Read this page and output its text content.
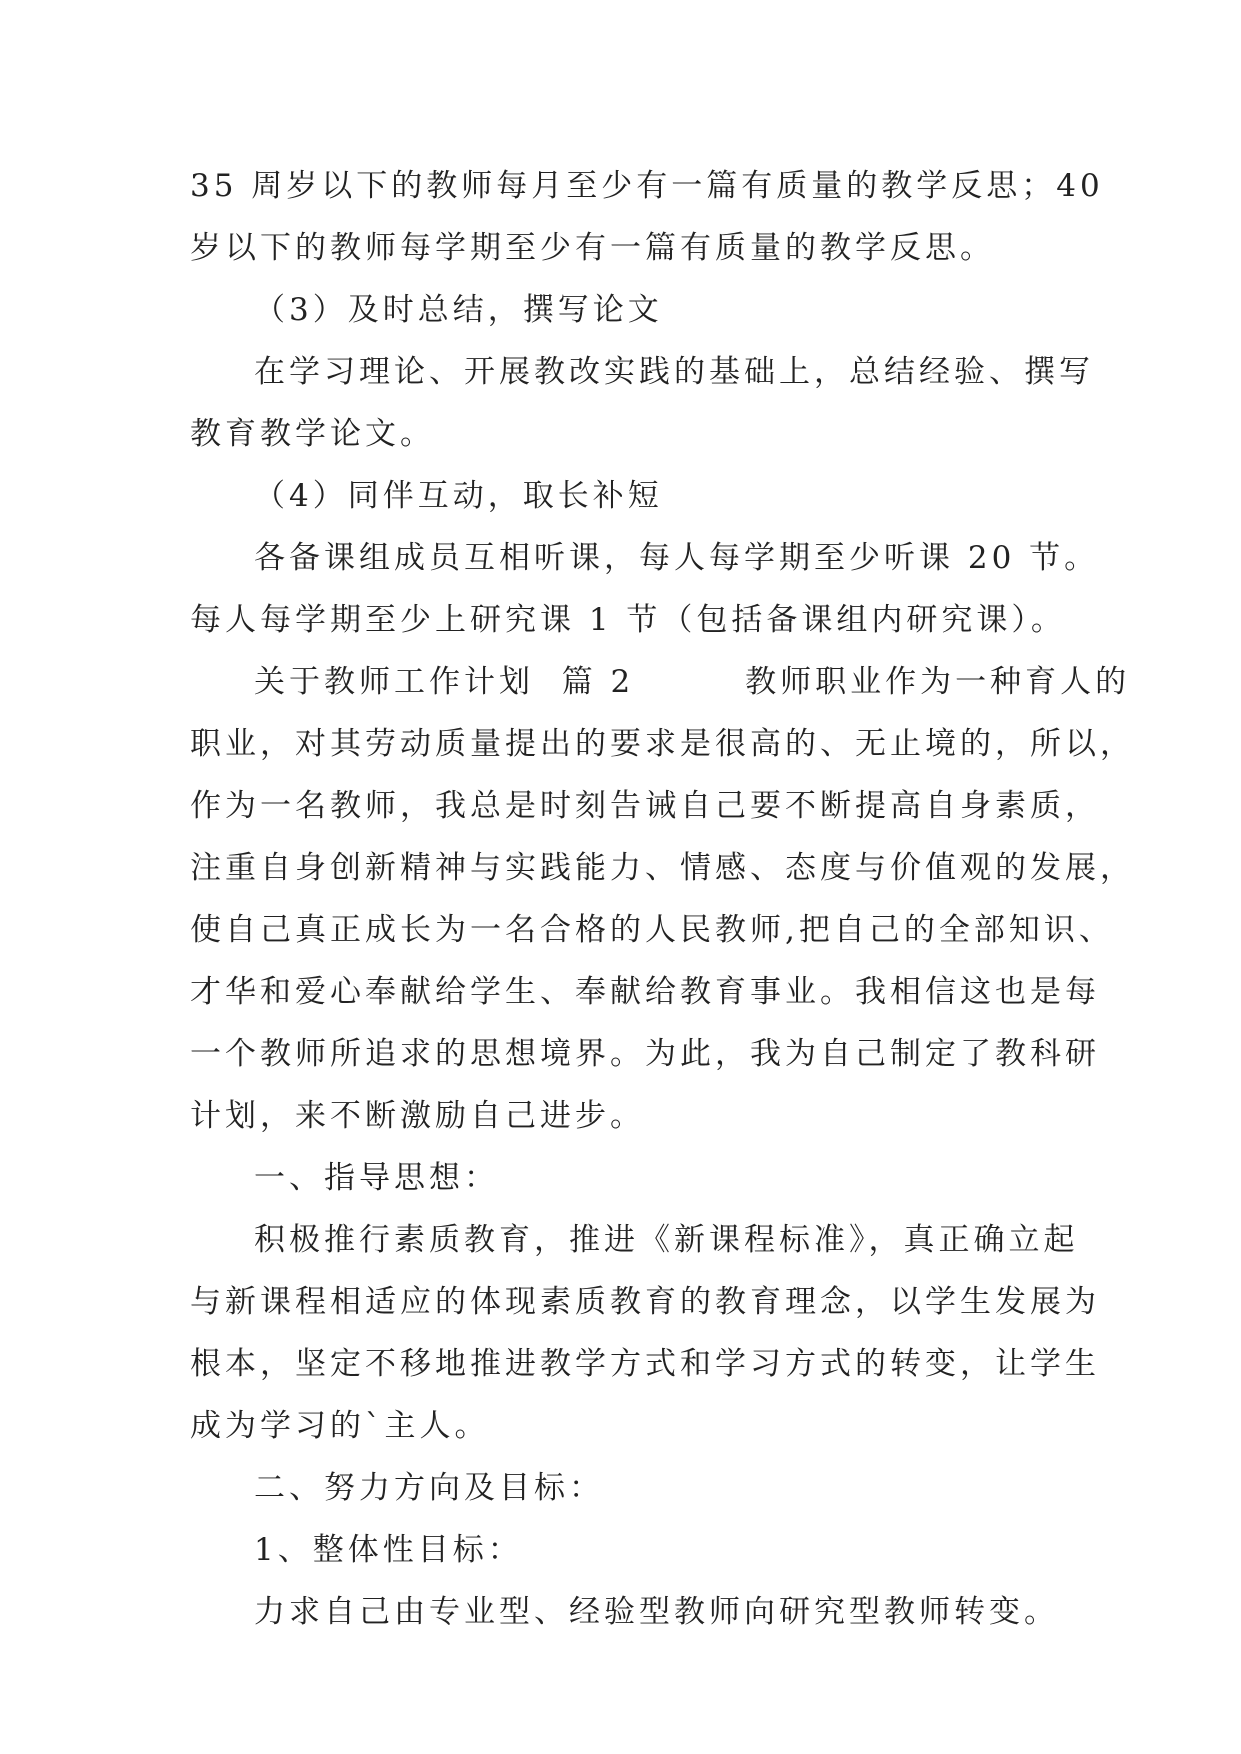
35 周岁以下的教师每月至少有一篇有质量的教学反思；40
岁以下的教师每学期至少有一篇有质量的教学反思。

（3）及时总结，撰写论文

在学习理论、开展教改实践的基础上，总结经验、撰写
教育教学论文。

（4）同伴互动，取长补短

各备课组成员互相听课，每人每学期至少听课 20 节。
每人每学期至少上研究课 1 节（包括备课组内研究课）。

关于教师工作计划  篇 2        教师职业作为一种育人的
职业，对其劳动质量提出的要求是很高的、无止境的，所以，
作为一名教师，我总是时刻告诫自己要不断提高自身素质，
注重自身创新精神与实践能力、情感、态度与价值观的发展，
使自己真正成长为一名合格的人民教师,把自己的全部知识、
才华和爱心奉献给学生、奉献给教育事业。我相信这也是每
一个教师所追求的思想境界。为此，我为自己制定了教科研
计划，来不断激励自己进步。

一、指导思想：

积极推行素质教育，推进《新课程标准》，真正确立起
与新课程相适应的体现素质教育的教育理念，以学生发展为
根本，坚定不移地推进教学方式和学习方式的转变，让学生
成为学习的`主人。

二、努力方向及目标：

1、整体性目标：

力求自己由专业型、经验型教师向研究型教师转变。
